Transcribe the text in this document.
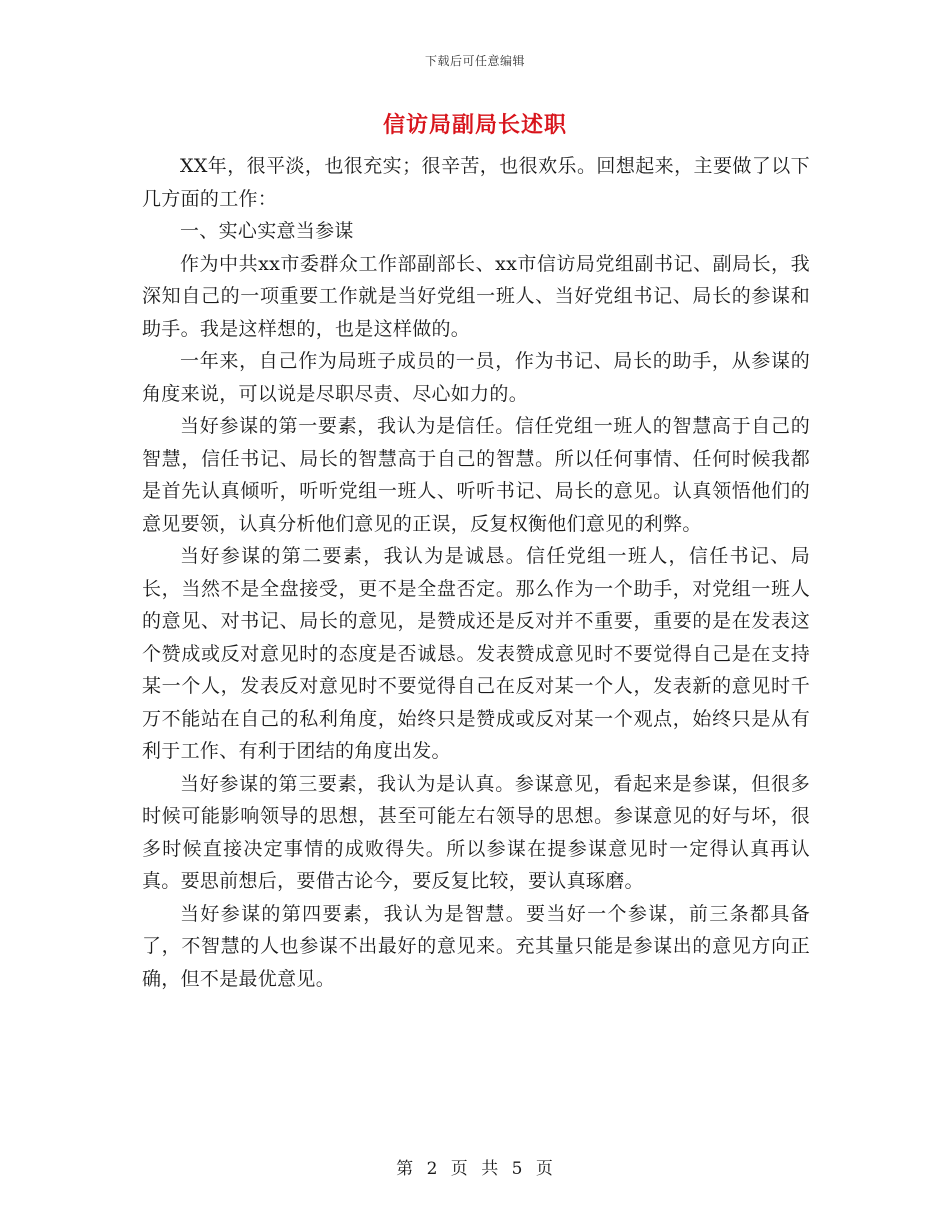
下载后可任意编辑
信访局副局长述职

XX年，很平淡，也很充实；很辛苦，也很欢乐。回想起来，主要做了以下几方面的工作：

一、实心实意当参谋

作为中共xx市委群众工作部副部长、xx市信访局党组副书记、副局长，我深知自己的一项重要工作就是当好党组一班人、当好党组书记、局长的参谋和助手。我是这样想的，也是这样做的。

一年来，自己作为局班子成员的一员，作为书记、局长的助手，从参谋的角度来说，可以说是尽职尽责、尽心如力的。

当好参谋的第一要素，我认为是信任。信任党组一班人的智慧高于自己的智慧，信任书记、局长的智慧高于自己的智慧。所以任何事情、任何时候我都是首先认真倾听，听听党组一班人、听听书记、局长的意见。认真领悟他们的意见要领，认真分析他们意见的正误，反复权衡他们意见的利弊。

当好参谋的第二要素，我认为是诚恳。信任党组一班人，信任书记、局长，当然不是全盘接受，更不是全盘否定。那么作为一个助手，对党组一班人的意见、对书记、局长的意见，是赞成还是反对并不重要，重要的是在发表这个赞成或反对意见时的态度是否诚恳。发表赞成意见时不要觉得自己是在支持某一个人，发表反对意见时不要觉得自己在反对某一个人，发表新的意见时千万不能站在自己的私利角度，始终只是赞成或反对某一个观点，始终只是从有利于工作、有利于团结的角度出发。

当好参谋的第三要素，我认为是认真。参谋意见，看起来是参谋，但很多时候可能影响领导的思想，甚至可能左右领导的思想。参谋意见的好与坏，很多时候直接决定事情的成败得失。所以参谋在提参谋意见时一定得认真再认真。要思前想后，要借古论今，要反复比较，要认真琢磨。

当好参谋的第四要素，我认为是智慧。要当好一个参谋，前三条都具备了，不智慧的人也参谋不出最好的意见来。充其量只能是参谋出的意见方向正确，但不是最优意见。

第 2 页 共 5 页
